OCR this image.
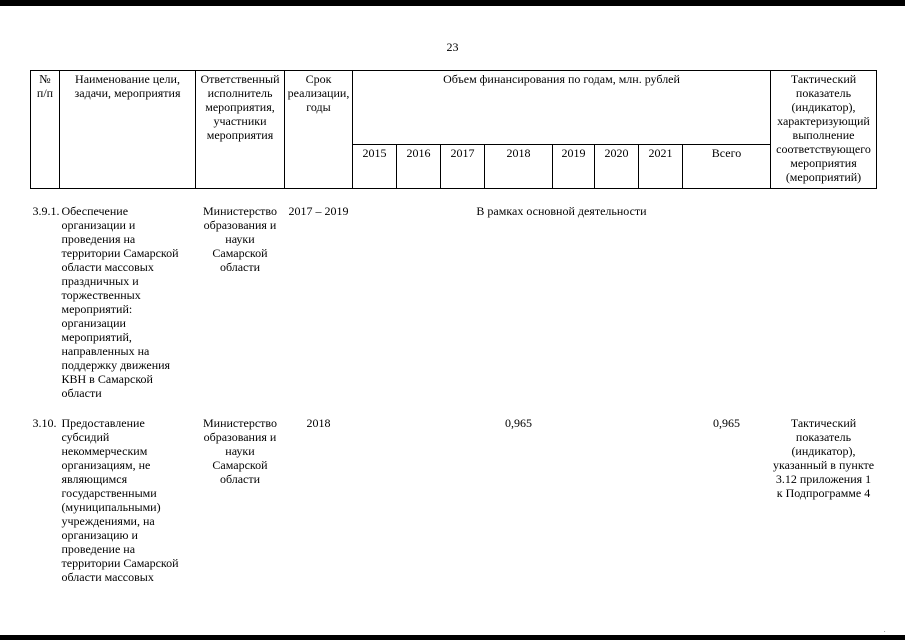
23
№ п/п	Наименование цели, задачи, мероприятия	Ответственный исполнитель мероприятия, участники мероприятия	Срок реализации, годы	Объем финансирования по годам, млн. рублей								Тактический показатель (индикатор), характеризующий выполнение соответствующего мероприятия (мероприятий)
				2015	2016	2017	2018	2019	2020	2021	Всего	

3.9.1.	Обеспечение организации и проведения на территории Самарской области массовых праздничных и торжественных мероприятий: организации мероприятий, направленных на поддержку движения КВН в Самарской области	Министерство образования и науки Самарской области	2017 – 2019	В рамках основной деятельности								

3.10.	Предоставление субсидий некоммерческим организациям, не являющимся государственными (муниципальными) учреждениями, на организацию и проведение на территории Самарской области массовых	Министерство образования и науки Самарской области	2018				0,965				0,965	Тактический показатель (индикатор), указанный в пункте 3.12 приложения 1 к Подпрограмме 4
.
